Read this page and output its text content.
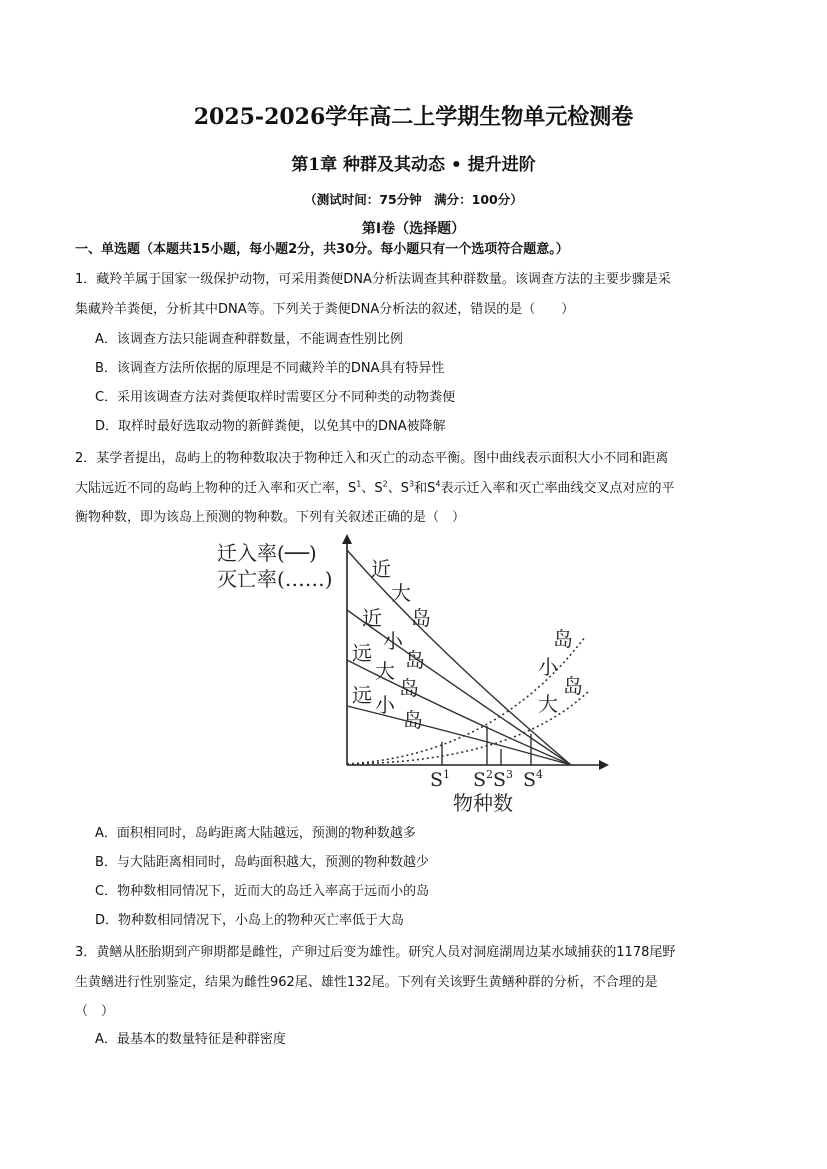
2025-2026学年高二上学期生物单元检测卷
第1章 种群及其动态 • 提升进阶
（测试时间：75分钟　满分：100分）
第Ⅰ卷（选择题）
一、单选题（本题共15小题，每小题2分，共30分。每小题只有一个选项符合题意。）
1．藏羚羊属于国家一级保护动物，可采用粪便DNA分析法调查其种群数量。该调查方法的主要步骤是采
集藏羚羊粪便，分析其中DNA等。下列关于粪便DNA分析法的叙述，错误的是（　　）
A．该调查方法只能调查种群数量，不能调查性别比例
B．该调查方法所依据的原理是不同藏羚羊的DNA具有特异性
C．采用该调查方法对粪便取样时需要区分不同种类的动物粪便
D．取样时最好选取动物的新鲜粪便，以免其中的DNA被降解
2．某学者提出，岛屿上的物种数取决于物种迁入和灭亡的动态平衡。图中曲线表示面积大小不同和距离
大陆远近不同的岛屿上物种的迁入率和灭亡率，$S^1$、$S^2$、$S^3$和$S^4$表示迁入率和灭亡率曲线交叉点对应的平
衡物种数，即为该岛上预测的物种数。下列有关叙述正确的是（　）
迁入率(──)
灭亡率(……) 近
大
岛
近
小
岛
远
大
岛
远 小
岛
岛
小
岛
大
$S^1$ $S^2$ $S^3$ $S^4$
物种数
A．面积相同时，岛屿距离大陆越远，预测的物种数越多
B．与大陆距离相同时，岛屿面积越大，预测的物种数越少
C．物种数相同情况下，近而大的岛迁入率高于远而小的岛
D．物种数相同情况下，小岛上的物种灭亡率低于大岛
3．黄鳝从胚胎期到产卵期都是雌性，产卵过后变为雄性。研究人员对洞庭湖周边某水域捕获的1178尾野
生黄鳝进行性别鉴定，结果为雌性962尾、雄性132尾。下列有关该野生黄鳝种群的分析，不合理的是
（　）
A．最基本的数量特征是种群密度
